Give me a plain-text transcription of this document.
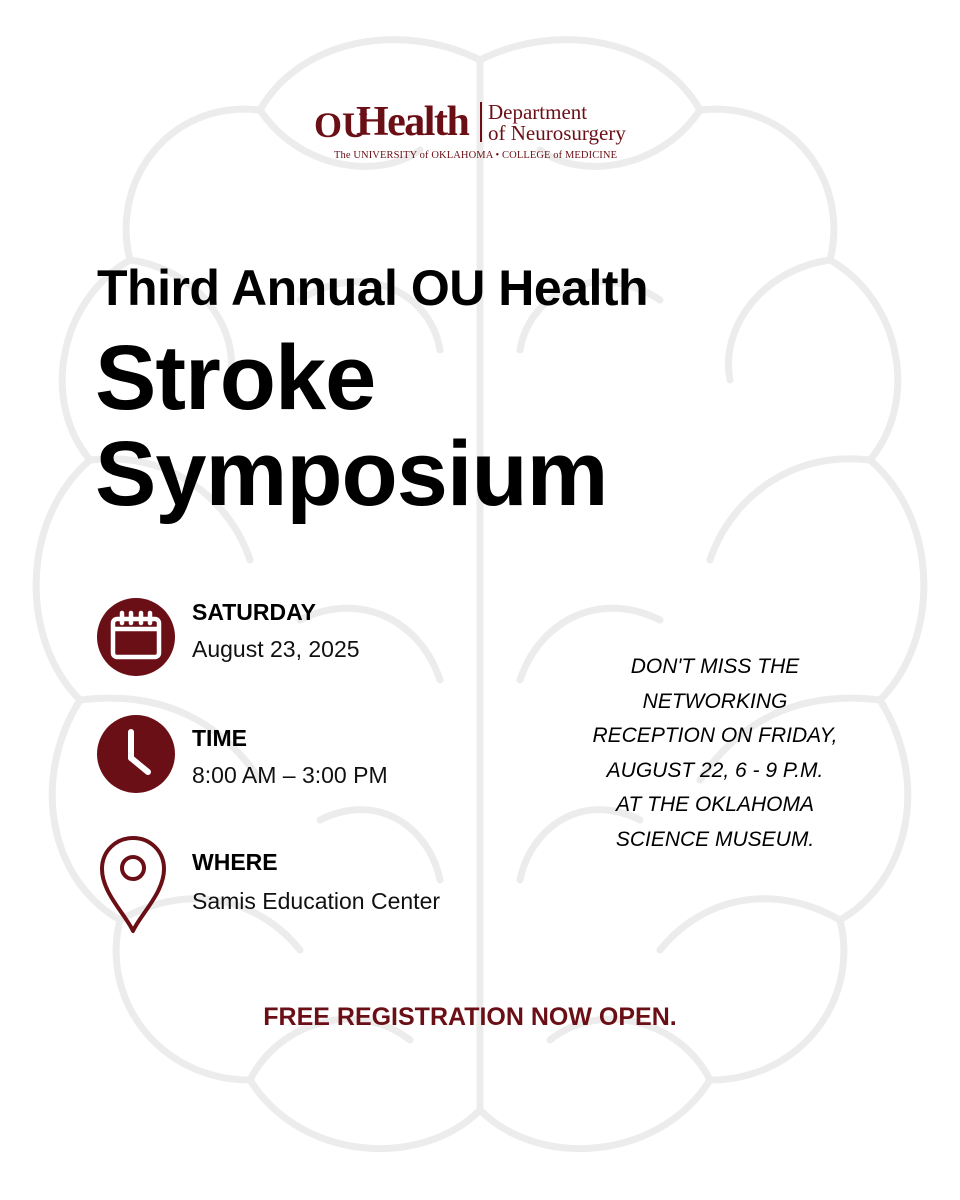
OU
Health Department
of Neurosurgery
The UNIVERSITY of OKLAHOMA • COLLEGE of MEDICINE
Third Annual OU Health
Stroke
Symposium
SATURDAY
August 23, 2025
TIME
8:00 AM – 3:00 PM
WHERE
Samis Education Center
DON'T MISS THE
NETWORKING
RECEPTION ON FRIDAY,
AUGUST 22, 6 - 9 P.M.
AT THE OKLAHOMA
SCIENCE MUSEUM.
FREE REGISTRATION NOW OPEN.
